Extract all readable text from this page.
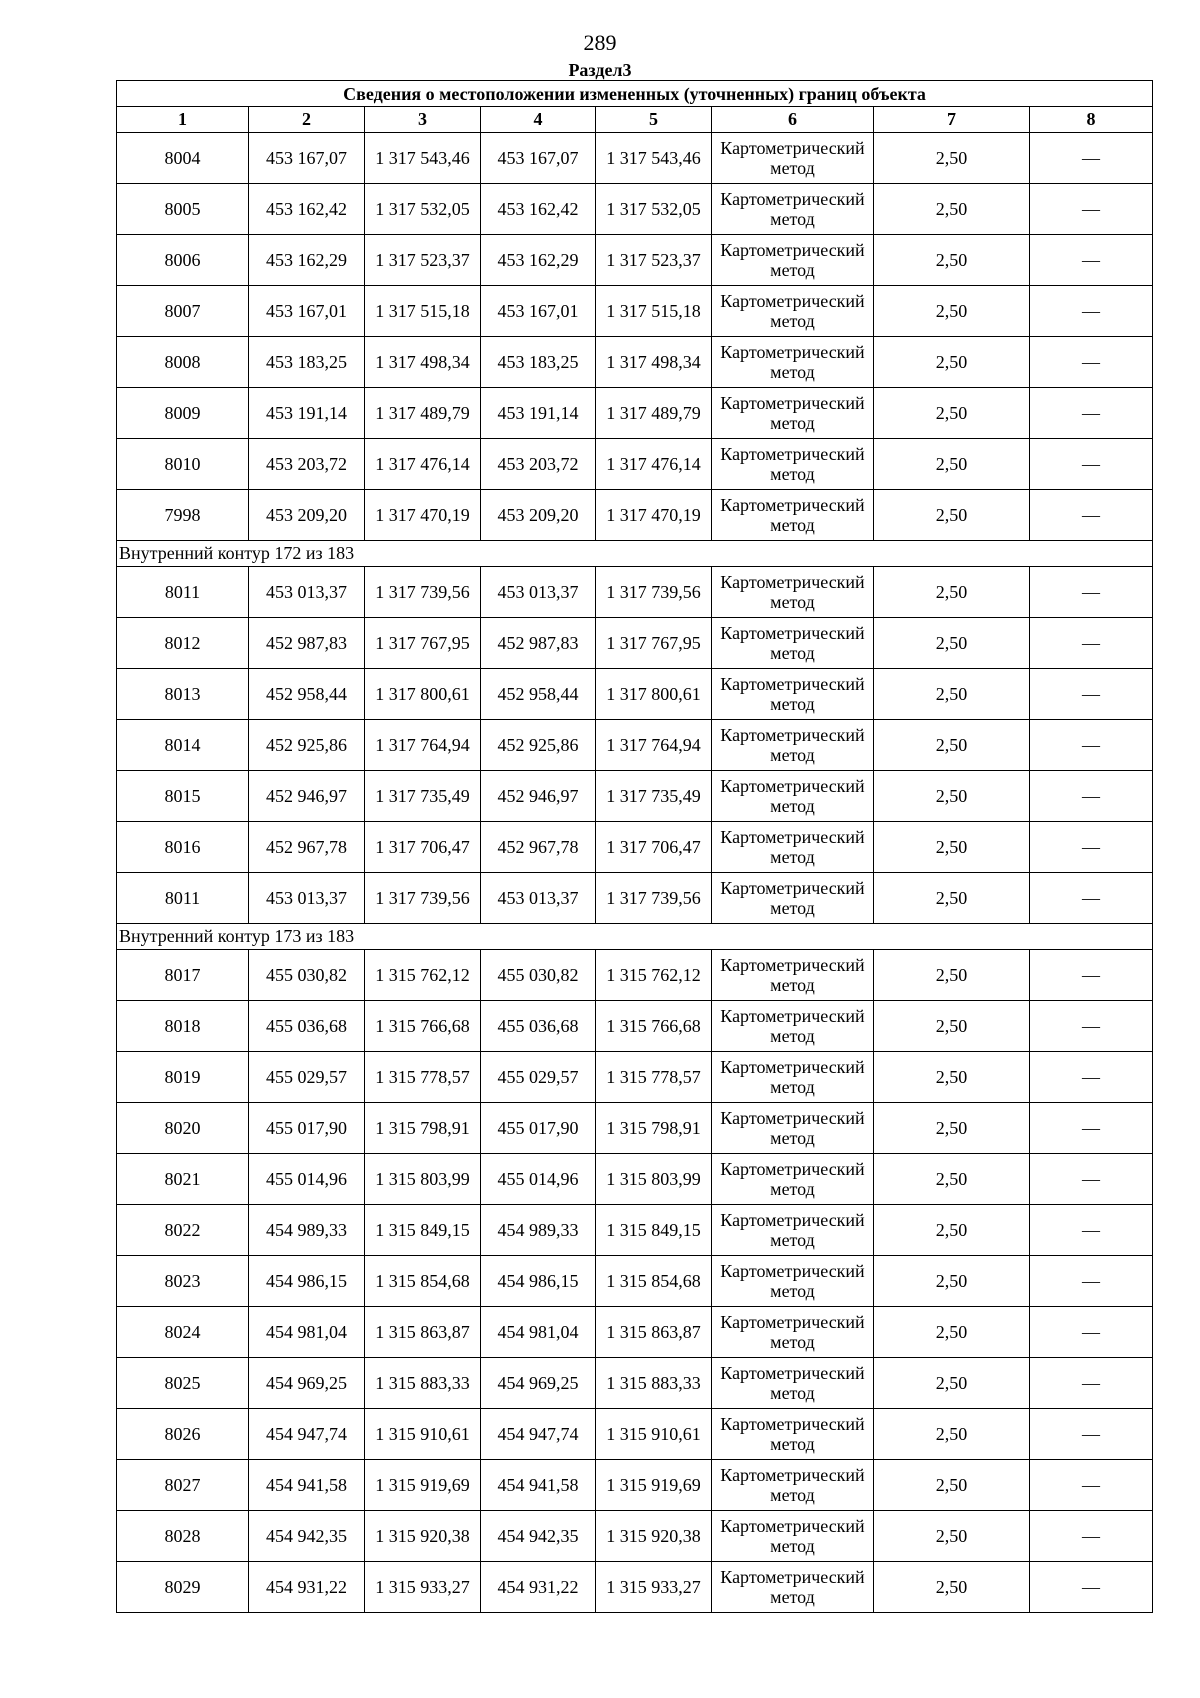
289
Раздел3
Сведения о местоположении измененных (уточненных) границ объекта							
1	2	3	4	5	6	7	8
8004	453 167,07	1 317 543,46	453 167,07	1 317 543,46	Картометрический метод	2,50	—
8005	453 162,42	1 317 532,05	453 162,42	1 317 532,05	Картометрический метод	2,50	—
8006	453 162,29	1 317 523,37	453 162,29	1 317 523,37	Картометрический метод	2,50	—
8007	453 167,01	1 317 515,18	453 167,01	1 317 515,18	Картометрический метод	2,50	—
8008	453 183,25	1 317 498,34	453 183,25	1 317 498,34	Картометрический метод	2,50	—
8009	453 191,14	1 317 489,79	453 191,14	1 317 489,79	Картометрический метод	2,50	—
8010	453 203,72	1 317 476,14	453 203,72	1 317 476,14	Картометрический метод	2,50	—
7998	453 209,20	1 317 470,19	453 209,20	1 317 470,19	Картометрический метод	2,50	—
Внутренний контур 172 из 183							
8011	453 013,37	1 317 739,56	453 013,37	1 317 739,56	Картометрический метод	2,50	—
8012	452 987,83	1 317 767,95	452 987,83	1 317 767,95	Картометрический метод	2,50	—
8013	452 958,44	1 317 800,61	452 958,44	1 317 800,61	Картометрический метод	2,50	—
8014	452 925,86	1 317 764,94	452 925,86	1 317 764,94	Картометрический метод	2,50	—
8015	452 946,97	1 317 735,49	452 946,97	1 317 735,49	Картометрический метод	2,50	—
8016	452 967,78	1 317 706,47	452 967,78	1 317 706,47	Картометрический метод	2,50	—
8011	453 013,37	1 317 739,56	453 013,37	1 317 739,56	Картометрический метод	2,50	—
Внутренний контур 173 из 183							
8017	455 030,82	1 315 762,12	455 030,82	1 315 762,12	Картометрический метод	2,50	—
8018	455 036,68	1 315 766,68	455 036,68	1 315 766,68	Картометрический метод	2,50	—
8019	455 029,57	1 315 778,57	455 029,57	1 315 778,57	Картометрический метод	2,50	—
8020	455 017,90	1 315 798,91	455 017,90	1 315 798,91	Картометрический метод	2,50	—
8021	455 014,96	1 315 803,99	455 014,96	1 315 803,99	Картометрический метод	2,50	—
8022	454 989,33	1 315 849,15	454 989,33	1 315 849,15	Картометрический метод	2,50	—
8023	454 986,15	1 315 854,68	454 986,15	1 315 854,68	Картометрический метод	2,50	—
8024	454 981,04	1 315 863,87	454 981,04	1 315 863,87	Картометрический метод	2,50	—
8025	454 969,25	1 315 883,33	454 969,25	1 315 883,33	Картометрический метод	2,50	—
8026	454 947,74	1 315 910,61	454 947,74	1 315 910,61	Картометрический метод	2,50	—
8027	454 941,58	1 315 919,69	454 941,58	1 315 919,69	Картометрический метод	2,50	—
8028	454 942,35	1 315 920,38	454 942,35	1 315 920,38	Картометрический метод	2,50	—
8029	454 931,22	1 315 933,27	454 931,22	1 315 933,27	Картометрический метод	2,50	—
